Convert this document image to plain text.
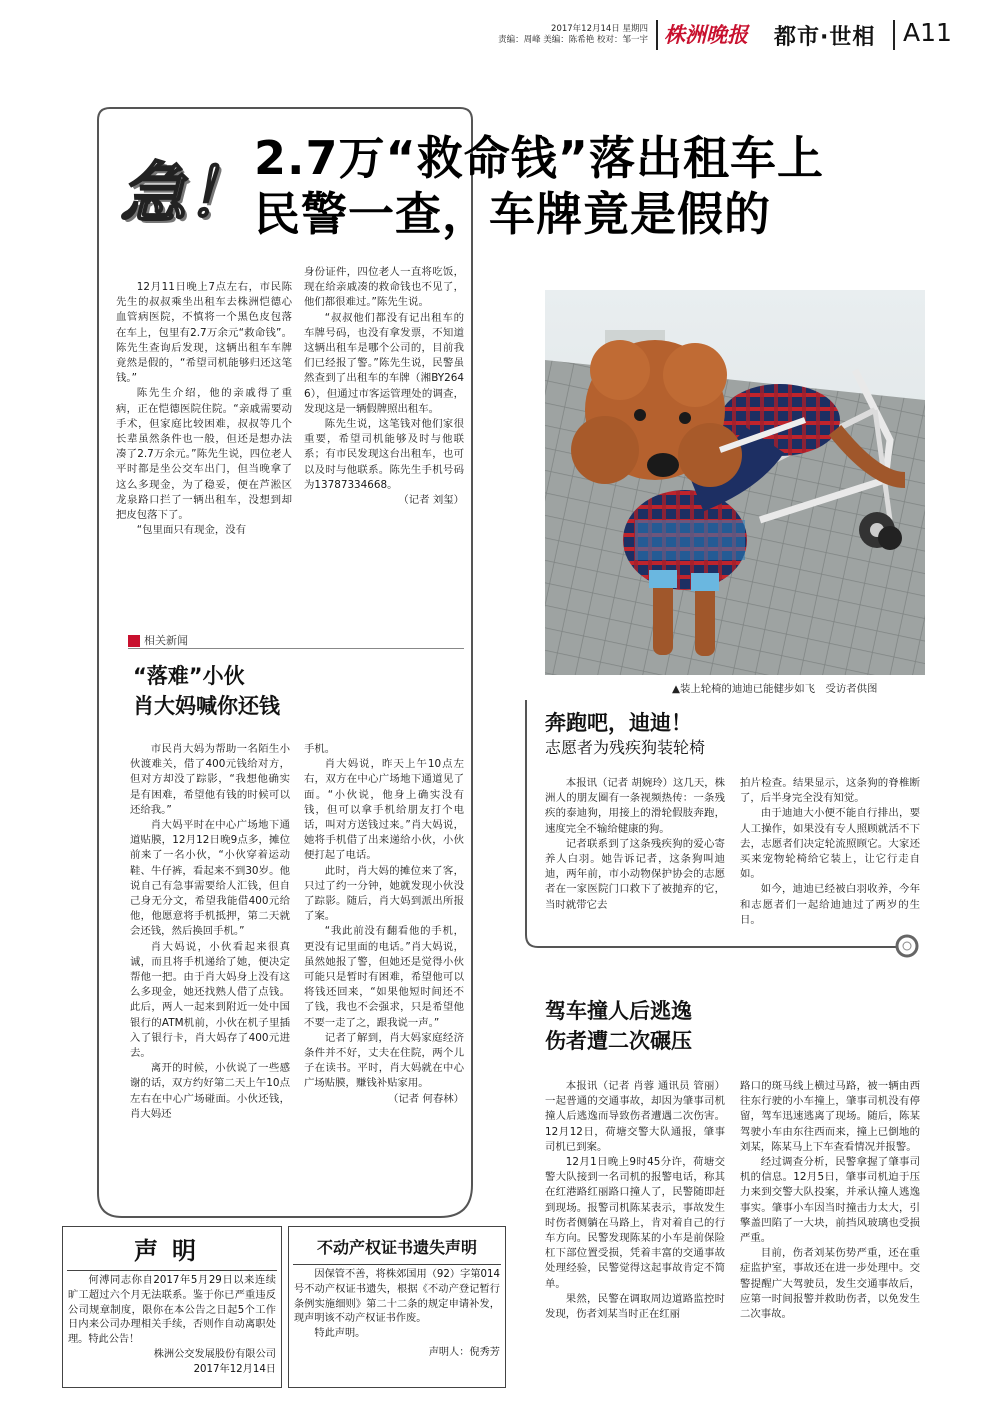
2017年12月14日 星期四
责编：周峰 美编：陈希艳 校对：邹一宇 株洲晚报 都市·世相 A11
急！ 2.7万“救命钱”落出租车上
民警一查，车牌竟是假的

12月11日晚上7点左右，市民陈先生的叔叔乘坐出租车去株洲恺德心血管病医院，不慎将一个黑色皮包落在车上，包里有2.7万余元“救命钱”。陈先生查询后发现，这辆出租车车牌竟然是假的，“希望司机能够归还这笔钱。”

陈先生介绍，他的亲戚得了重病，正在恺德医院住院。“亲戚需要动手术，但家庭比较困难，叔叔等几个长辈虽然条件也一般，但还是想办法凑了2.7万余元。”陈先生说，四位老人平时都是坐公交车出门，但当晚拿了这么多现金，为了稳妥，便在芦淞区龙泉路口拦了一辆出租车，没想到却把皮包落下了。

“包里面只有现金，没有

身份证件，四位老人一直将吃饭，现在给亲戚凑的救命钱也不见了，他们都很难过。”陈先生说。

“叔叔他们都没有记出租车的车牌号码，也没有拿发票，不知道这辆出租车是哪个公司的，目前我们已经报了警。”陈先生说，民警虽然查到了出租车的车牌（湘BY2646），但通过市客运管理处的调查，发现这是一辆假牌照出租车。

陈先生说，这笔钱对他们家很重要，希望司机能够及时与他联系；有市民发现这台出租车，也可以及时与他联系。陈先生手机号码为13787334668。

（记者 刘玺）

相关新闻
“落难”小伙
肖大妈喊你还钱

市民肖大妈为帮助一名陌生小伙渡难关，借了400元钱给对方，但对方却没了踪影，“我想他确实是有困难，希望他有钱的时候可以还给我。”

肖大妈平时在中心广场地下通道贴膜，12月12日晚9点多，摊位前来了一名小伙，“小伙穿着运动鞋、牛仔裤，看起来不到30岁。他说自己有急事需要给人汇钱，但自己身无分文，希望我能借400元给他，他愿意将手机抵押，第二天就会还钱，然后换回手机。”

肖大妈说，小伙看起来很真诚，而且将手机递给了她，便决定帮他一把。由于肖大妈身上没有这么多现金，她还找熟人借了点钱。此后，两人一起来到附近一处中国银行的ATM机前，小伙在机子里插入了银行卡，肖大妈存了400元进去。

离开的时候，小伙说了一些感谢的话，双方约好第二天上午10点左右在中心广场碰面。小伙还钱，肖大妈还

手机。

肖大妈说，昨天上午10点左右，双方在中心广场地下通道见了面。“小伙说，他身上确实没有钱，但可以拿手机给朋友打个电话，叫对方送钱过来。”肖大妈说，她将手机借了出来递给小伙，小伙便打起了电话。

此时，肖大妈的摊位来了客，只过了约一分钟，她就发现小伙没了踪影。随后，肖大妈到派出所报了案。

“我此前没有翻看他的手机，更没有记里面的电话。”肖大妈说，虽然她报了警，但她还是觉得小伙可能只是暂时有困难，希望他可以将钱还回来，“如果他短时间还不了钱，我也不会强求，只是希望他不要一走了之，跟我说一声。”

记者了解到，肖大妈家庭经济条件并不好，丈夫在住院，两个儿子在读书。平时，肖大妈就在中心广场贴膜，赚钱补贴家用。

（记者 何春林）

▲装上轮椅的迪迪已能健步如飞　受访者供图
奔跑吧，迪迪！
志愿者为残疾狗装轮椅

本报讯（记者 胡婉玲）这几天，株洲人的朋友圈有一条视频热传：一条残疾的泰迪狗，用接上的滑轮假肢奔跑，速度完全不输给健康的狗。

记者联系到了这条残疾狗的爱心寄养人白羽。她告诉记者，这条狗叫迪迪，两年前，市小动物保护协会的志愿者在一家医院门口救下了被抛弃的它，当时就带它去

拍片检查。结果显示，这条狗的脊椎断了，后半身完全没有知觉。

由于迪迪大小便不能自行排出，要人工操作，如果没有专人照顾就活不下去，志愿者们决定轮流照顾它。大家还买来宠物轮椅给它装上，让它行走自如。

如今，迪迪已经被白羽收养，今年和志愿者们一起给迪迪过了两岁的生日。

驾车撞人后逃逸
伤者遭二次碾压

本报讯（记者 肖蓉 通讯员 管丽）一起普通的交通事故，却因为肇事司机撞人后逃逸而导致伤者遭遇二次伤害。12月12日，荷塘交警大队通报，肇事司机已到案。

12月1日晚上9时45分许，荷塘交警大队接到一名司机的报警电话，称其在红港路红丽路口撞人了，民警随即赶到现场。报警司机陈某表示，事故发生时伤者侧躺在马路上，肯对着自己的行车方向。民警发现陈某的小车是前保险杠下部位置受损，凭着丰富的交通事故处理经验，民警觉得这起事故肯定不简单。

果然，民警在调取周边道路监控时发现，伤者刘某当时正在红丽

路口的斑马线上横过马路，被一辆由西往东行驶的小车撞上，肇事司机没有停留，驾车迅速逃离了现场。随后，陈某驾驶小车由东往西而来，撞上已倒地的刘某，陈某马上下车查看情况并报警。

经过调查分析，民警拿握了肇事司机的信息。12月5日，肇事司机迫于压力来到交警大队投案，并承认撞人逃逸事实。肇事小车因当时撞击力太大，引擎盖凹陷了一大块，前挡风玻璃也受损严重。

目前，伤者刘某伤势严重，还在重症监护室，事故还在进一步处理中。交警提醒广大驾驶员，发生交通事故后，应第一时间报警并救助伤者，以免发生二次事故。

声明

何溥同志你自2017年5月29日以来连续旷工超过六个月无法联系。鉴于你已严重违反公司规章制度，限你在本公告之日起5个工作日内来公司办理相关手续，否则作自动离职处理。特此公告！

株洲公交发展股份有限公司
2017年12月14日
不动产权证书遗失声明

因保管不善，将株郊国用（92）字第014号不动产权证书遗失，根据《不动产登记暂行条例实施细则》第二十二条的规定申请补发，现声明该不动产权证书作废。

特此声明。

声明人：倪秀芳
